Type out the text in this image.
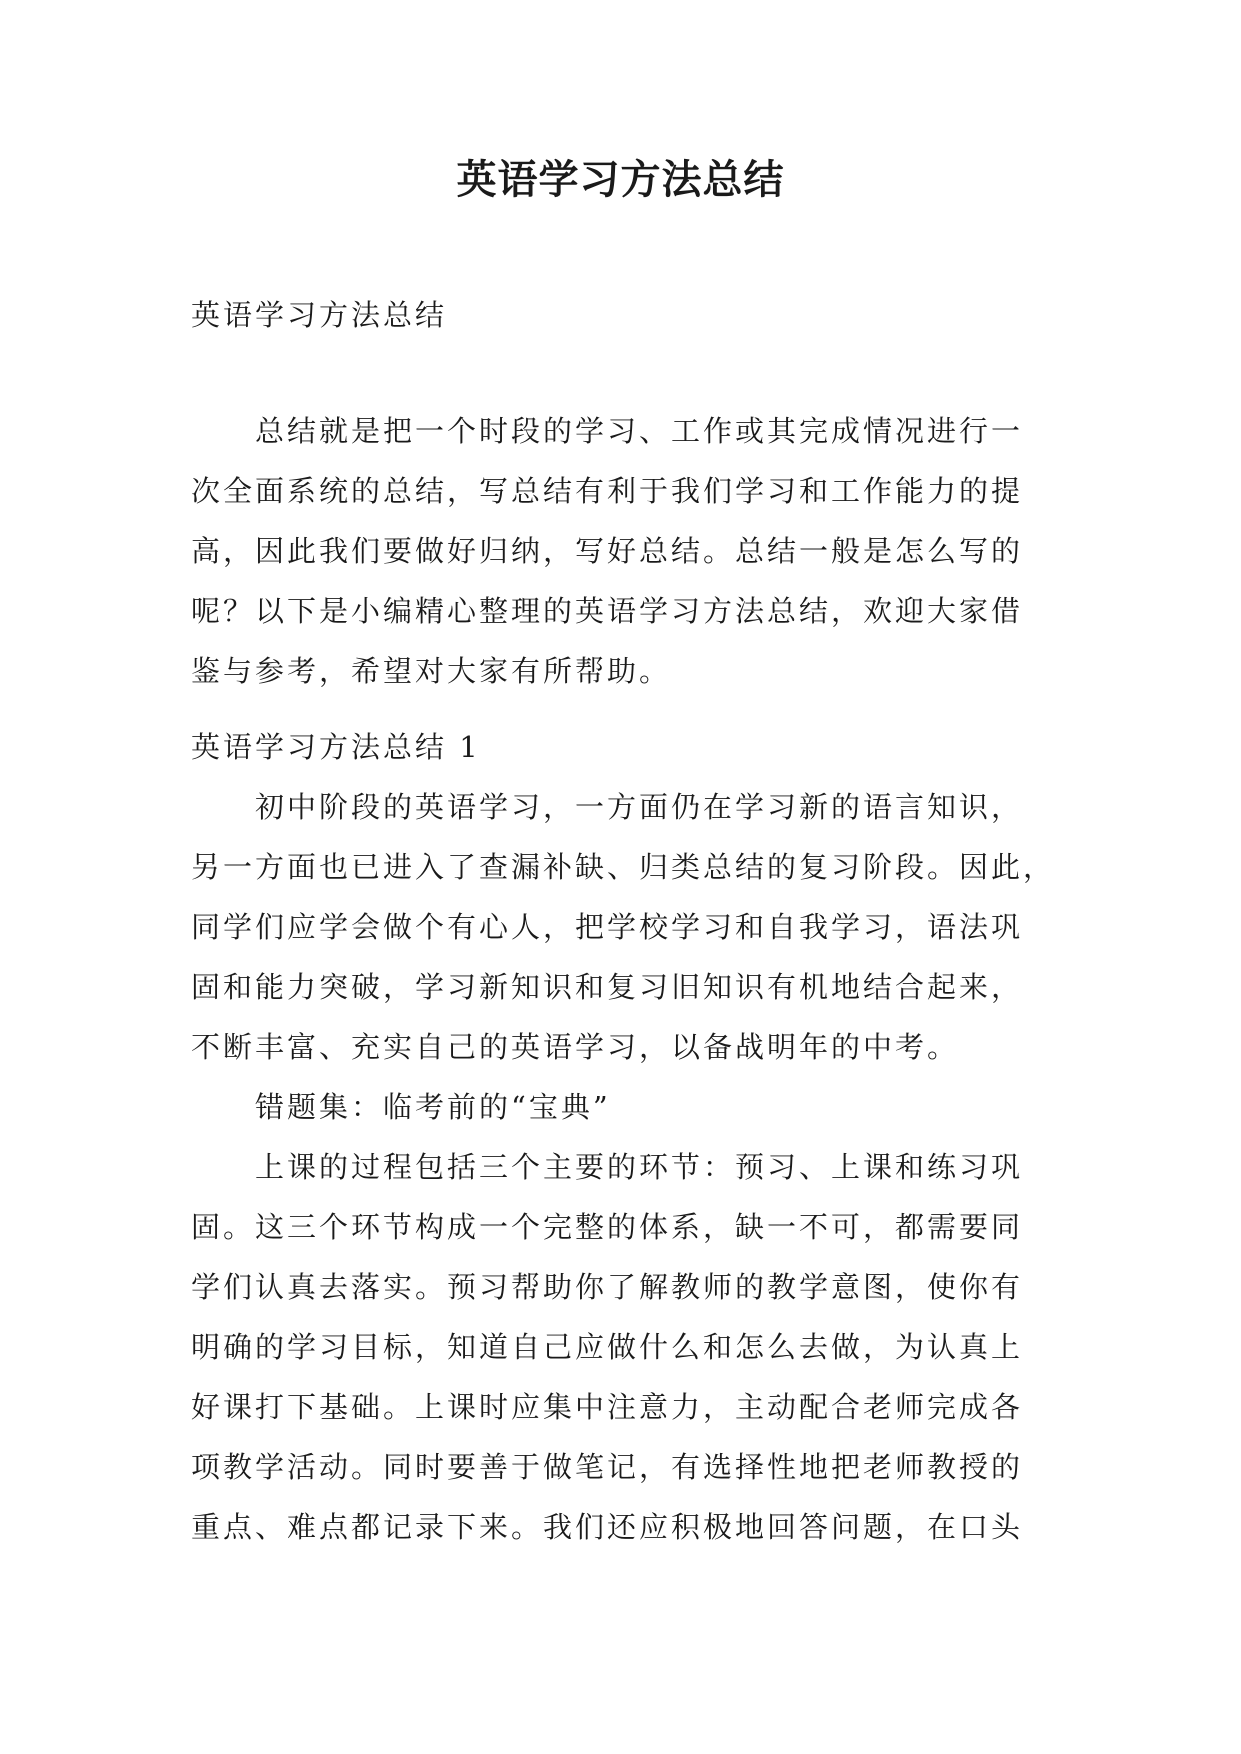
英语学习方法总结

英语学习方法总结

总结就是把一个时段的学习、工作或其完成情况进行一
次全面系统的总结，写总结有利于我们学习和工作能力的提
高，因此我们要做好归纳，写好总结。总结一般是怎么写的
呢？以下是小编精心整理的英语学习方法总结，欢迎大家借
鉴与参考，希望对大家有所帮助。

英语学习方法总结 1

初中阶段的英语学习，一方面仍在学习新的语言知识，
另一方面也已进入了查漏补缺、归类总结的复习阶段。因此，
同学们应学会做个有心人，把学校学习和自我学习，语法巩
固和能力突破，学习新知识和复习旧知识有机地结合起来，
不断丰富、充实自己的英语学习，以备战明年的中考。

错题集：临考前的“宝典”

上课的过程包括三个主要的环节：预习、上课和练习巩
固。这三个环节构成一个完整的体系，缺一不可，都需要同
学们认真去落实。预习帮助你了解教师的教学意图，使你有
明确的学习目标，知道自己应做什么和怎么去做，为认真上
好课打下基础。上课时应集中注意力，主动配合老师完成各
项教学活动。同时要善于做笔记，有选择性地把老师教授的
重点、难点都记录下来。我们还应积极地回答问题，在口头
